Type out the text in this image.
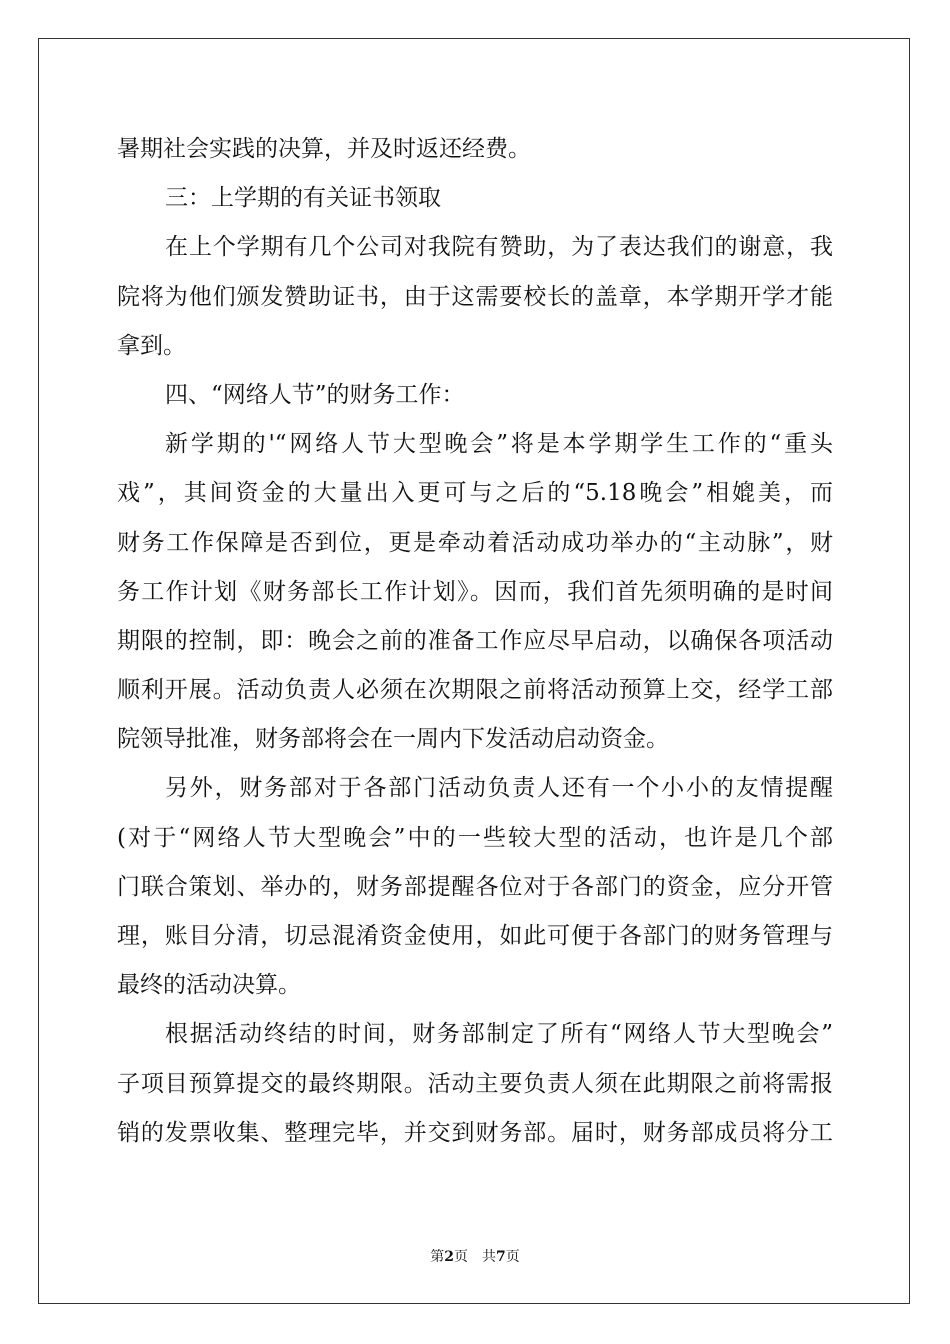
暑期社会实践的决算，并及时返还经费。
三：上学期的有关证书领取
在上个学期有几个公司对我院有赞助，为了表达我们的谢意，我
院将为他们颁发赞助证书，由于这需要校长的盖章，本学期开学才能
拿到。
四、“网络人节”的财务工作：
新学期的'“网络人节大型晚会”将是本学期学生工作的“重头
戏”，其间资金的大量出入更可与之后的“5.18晚会”相媲美，而
财务工作保障是否到位，更是牵动着活动成功举办的“主动脉”，财
务工作计划《财务部长工作计划》。因而，我们首先须明确的是时间
期限的控制，即：晚会之前的准备工作应尽早启动，以确保各项活动
顺利开展。活动负责人必须在次期限之前将活动预算上交，经学工部
院领导批准，财务部将会在一周内下发活动启动资金。
另外，财务部对于各部门活动负责人还有一个小小的友情提醒
(对于“网络人节大型晚会”中的一些较大型的活动，也许是几个部
门联合策划、举办的，财务部提醒各位对于各部门的资金，应分开管
理，账目分清，切忌混淆资金使用，如此可便于各部门的财务管理与
最终的活动决算。
根据活动终结的时间，财务部制定了所有“网络人节大型晚会”
子项目预算提交的最终期限。活动主要负责人须在此期限之前将需报
销的发票收集、整理完毕，并交到财务部。届时，财务部成员将分工
第2页　共7页
